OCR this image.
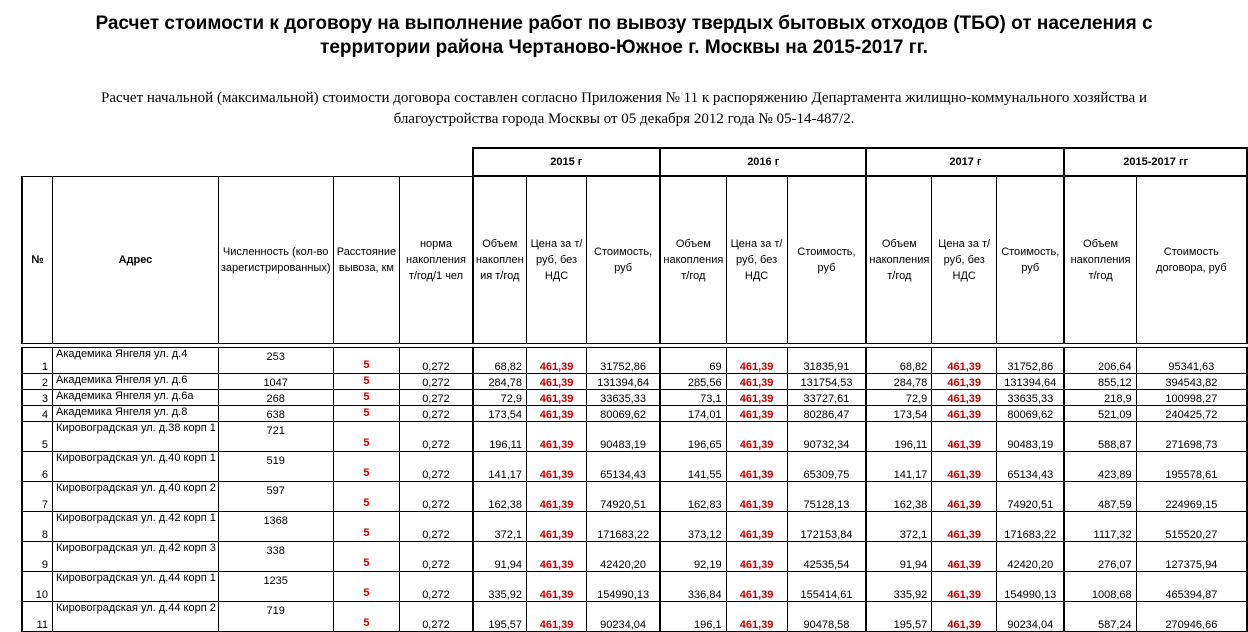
Расчет стоимости к договору на выполнение работ по вывозу твердых бытовых отходов (ТБО) от населения с
территории района Чертаново-Южное г. Москвы на 2015-2017 гг.
Расчет начальной (максимальной) стоимости договора составлен согласно Приложения № 11 к распоряжению Департамента жилищно-коммунального хозяйства и
благоустройства города Москвы от 05 декабря 2012 года № 05-14-487/2.
					2015 г			2016 г			2017 г			2015-2017 гг	
№	Адрес	Численность (кол-во зарегистрированных)	Расстояние вывоза, км	норма накопления т/год/1 чел	Объем накоплен ия т/год	Цена за т/руб, без НДС	Стоимость, руб	Объем накопления т/год	Цена за т/руб, без НДС	Стоимость, руб	Объем накопления т/год	Цена за т/руб, без НДС	Стоимость, руб	Объем накопления т/год	Стоимость договора, руб

1	Академика Янгеля ул. д.4	253	5	0,272	68,82	461,39	31752,86	69	461,39	31835,91	68,82	461,39	31752,86	206,64	95341,63
2	Академика Янгеля ул. д.6	1047	5	0,272	284,78	461,39	131394,64	285,56	461,39	131754,53	284,78	461,39	131394,64	855,12	394543,82
3	Академика Янгеля ул. д.6а	268	5	0,272	72,9	461,39	33635,33	73,1	461,39	33727,61	72,9	461,39	33635,33	218,9	100998,27
4	Академика Янгеля ул. д.8	638	5	0,272	173,54	461,39	80069,62	174,01	461,39	80286,47	173,54	461,39	80069,62	521,09	240425,72
5	Кировоградская ул. д.38 корп 1	721	5	0,272	196,11	461,39	90483,19	196,65	461,39	90732,34	196,11	461,39	90483,19	588,87	271698,73
6	Кировоградская ул. д.40 корп 1	519	5	0,272	141,17	461,39	65134,43	141,55	461,39	65309,75	141,17	461,39	65134,43	423,89	195578,61
7	Кировоградская ул. д.40 корп 2	597	5	0,272	162,38	461,39	74920,51	162,83	461,39	75128,13	162,38	461,39	74920,51	487,59	224969,15
8	Кировоградская ул. д.42 корп 1	1368	5	0,272	372,1	461,39	171683,22	373,12	461,39	172153,84	372,1	461,39	171683,22	1117,32	515520,27
9	Кировоградская ул. д.42 корп 3	338	5	0,272	91,94	461,39	42420,20	92,19	461,39	42535,54	91,94	461,39	42420,20	276,07	127375,94
10	Кировоградская ул. д.44 корп 1	1235	5	0,272	335,92	461,39	154990,13	336,84	461,39	155414,61	335,92	461,39	154990,13	1008,68	465394,87
11	Кировоградская ул. д.44 корп 2	719	5	0,272	195,57	461,39	90234,04	196,1	461,39	90478,58	195,57	461,39	90234,04	587,24	270946,66
